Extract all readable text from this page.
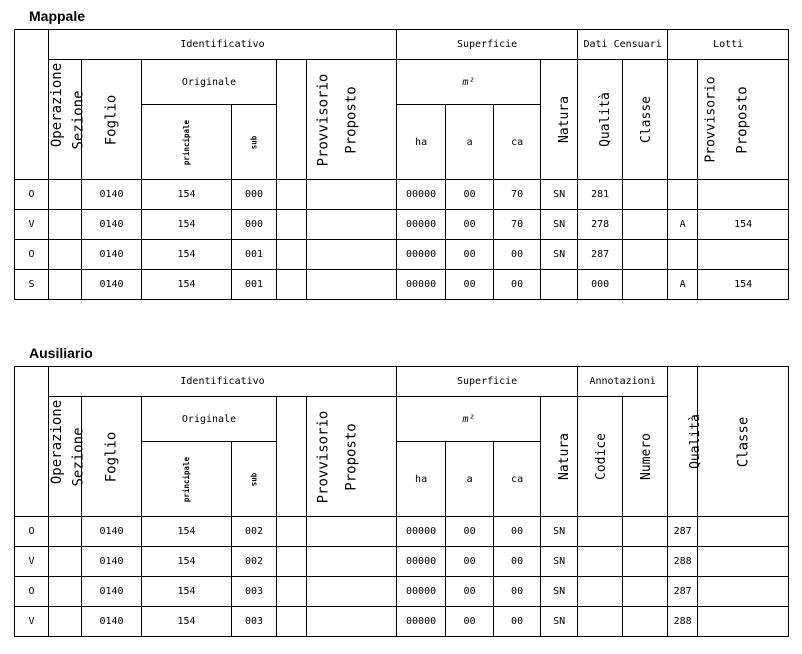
Mappale
Operazione	Identificativo						Superficie				Dati Censuari		Lotti	
	Sezione	Foglio	Originale		Provvisorio	Proposto	m²			Natura	Qualità	Classe	Provvisorio	Proposto
			principale	sub			ha	a	ca					
O		0140	154	000			00000	00	70	SN	281			
V		0140	154	000			00000	00	70	SN	278		A	154
O		0140	154	001			00000	00	00	SN	287			
S		0140	154	001			00000	00	00		000		A	154
Ausiliario
Operazione	Identificativo						Superficie				Annotazioni		Qualità	Classe
	Sezione	Foglio	Originale		Provvisorio	Proposto	m²			Natura	Codice	Numero		
			principale	sub			ha	a	ca					
O		0140	154	002			00000	00	00	SN			287	
V		0140	154	002			00000	00	00	SN			288	
O		0140	154	003			00000	00	00	SN			287	
V		0140	154	003			00000	00	00	SN			288	
